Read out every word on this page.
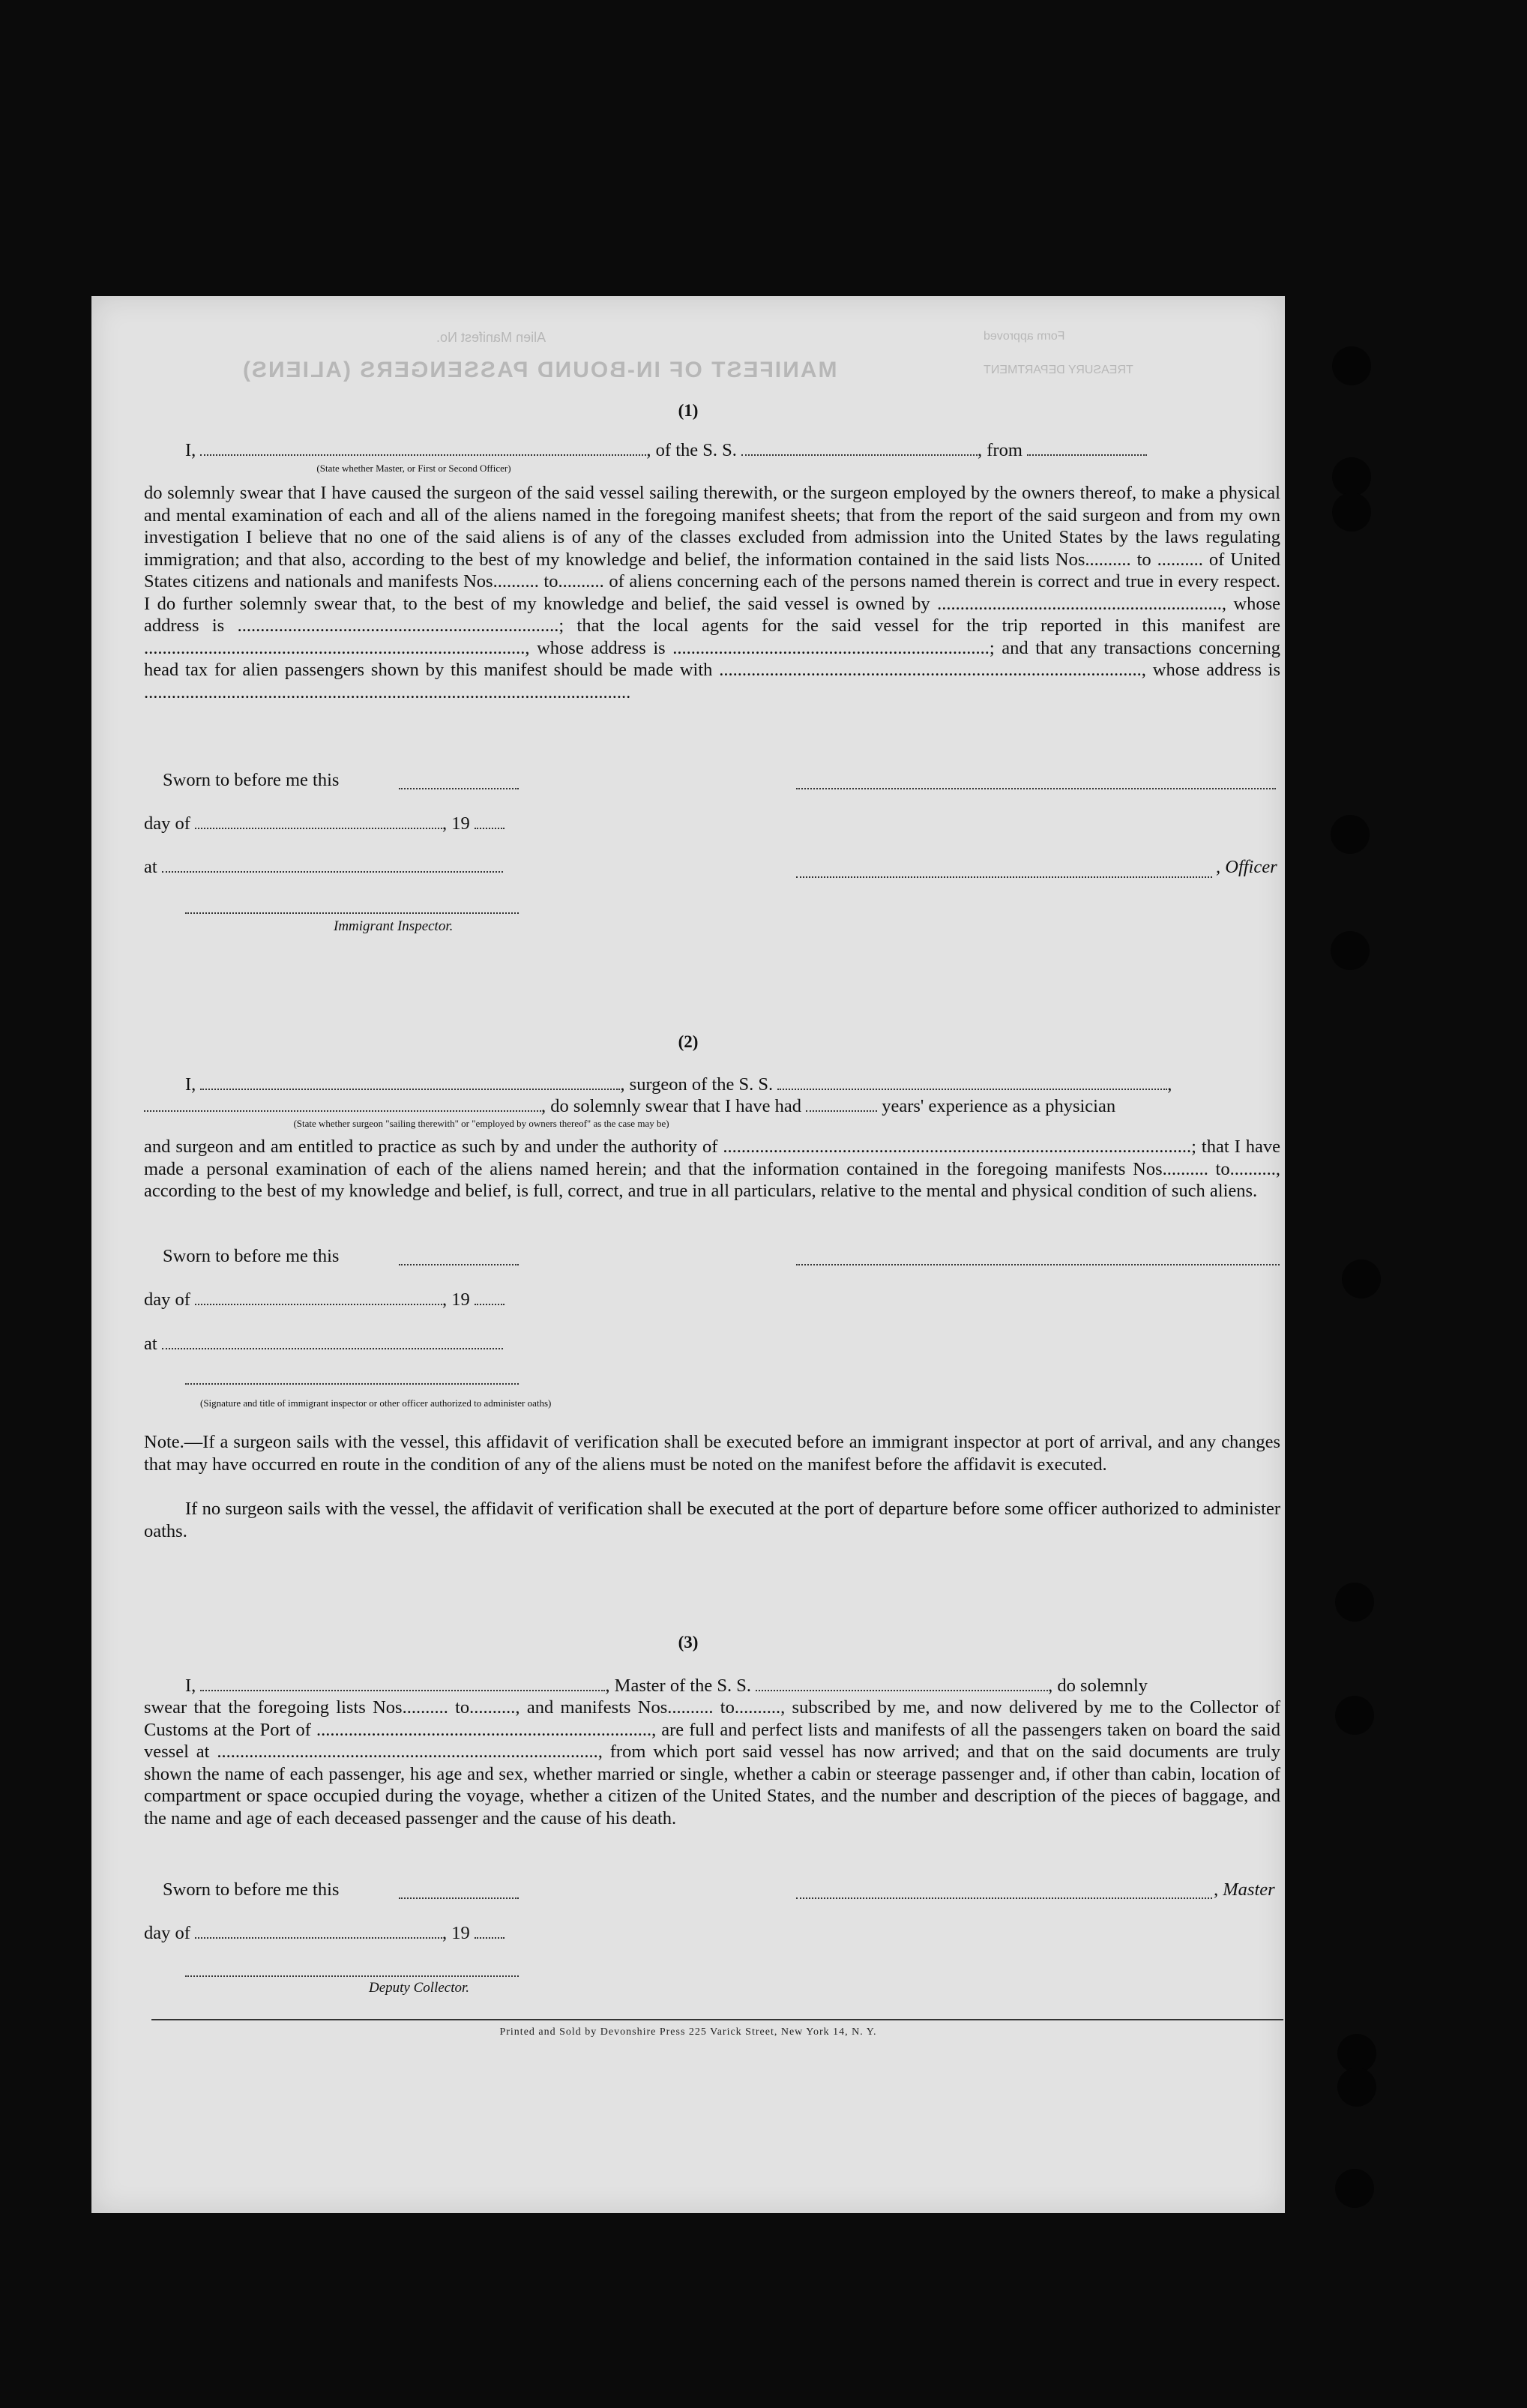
MANIFEST OF IN-BOUND PASSENGERS (ALIENS)
Alien Manifest No.	Form approved
TREASURY DEPARTMENT
(1)
I,	, of the S. S.	, from
(State whether Master, or First or Second Officer)
do solemnly swear that I have caused the surgeon of the said vessel sailing therewith, or the surgeon employed by the owners thereof, to make a physical and mental examination of each and all of the aliens named in the foregoing manifest sheets; that from the report of the said surgeon and from my own investigation I believe that no one of the said aliens is of any of the classes excluded from admission into the United States by the laws regulating immigration; and that also, according to the best of my knowledge and belief, the information contained in the said lists Nos.......... to .......... of United States citizens and nationals and manifests Nos.......... to.......... of aliens concerning each of the persons named therein is correct and true in every respect. I do further solemnly swear that, to the best of my knowledge and belief, the said vessel is owned by .............................................................., whose address is ......................................................................; that the local agents for the said vessel for the trip reported in this manifest are ..................................................................................., whose address is .....................................................................; and that any transactions concerning head tax for alien passengers shown by this manifest should be made with ............................................................................................, whose address is ..........................................................................................................
Sworn to before me this
day of	, 19
at	, Officer
Immigrant Inspector.
(2)
I,	, surgeon of the S. S.	,
, do solemnly swear that I have had	years' experience as a physician
(State whether surgeon "sailing therewith" or "employed by owners thereof" as the case may be)
and surgeon and am entitled to practice as such by and under the authority of ......................................................................................................; that I have made a personal examination of each of the aliens named herein; and that the information contained in the foregoing manifests Nos.......... to.........., according to the best of my knowledge and belief, is full, correct, and true in all particulars, relative to the mental and physical condition of such aliens.
Sworn to before me this
day of	, 19
at
(Signature and title of immigrant inspector or other officer authorized to administer oaths)
Note.—If a surgeon sails with the vessel, this affidavit of verification shall be executed before an immigrant inspector at port of arrival, and any changes that may have occurred en route in the condition of any of the aliens must be noted on the manifest before the affidavit is executed.
If no surgeon sails with the vessel, the affidavit of verification shall be executed at the port of departure before some officer authorized to administer oaths.
(3)
I,	, Master of the S. S.	, do solemnly
swear that the foregoing lists Nos.......... to.........., and manifests Nos.......... to.........., subscribed by me, and now delivered by me to the Collector of Customs at the Port of ........................................................................., are full and perfect lists and manifests of all the passengers taken on board the said vessel at ..................................................................................., from which port said vessel has now arrived; and that on the said documents are truly shown the name of each passenger, his age and sex, whether married or single, whether a cabin or steerage passenger and, if other than cabin, location of compartment or space occupied during the voyage, whether a citizen of the United States, and the number and description of the pieces of baggage, and the name and age of each deceased passenger and the cause of his death.
Sworn to before me this	, Master
day of	, 19
Deputy Collector.
Printed and Sold by Devonshire Press 225 Varick Street, New York 14, N. Y.
